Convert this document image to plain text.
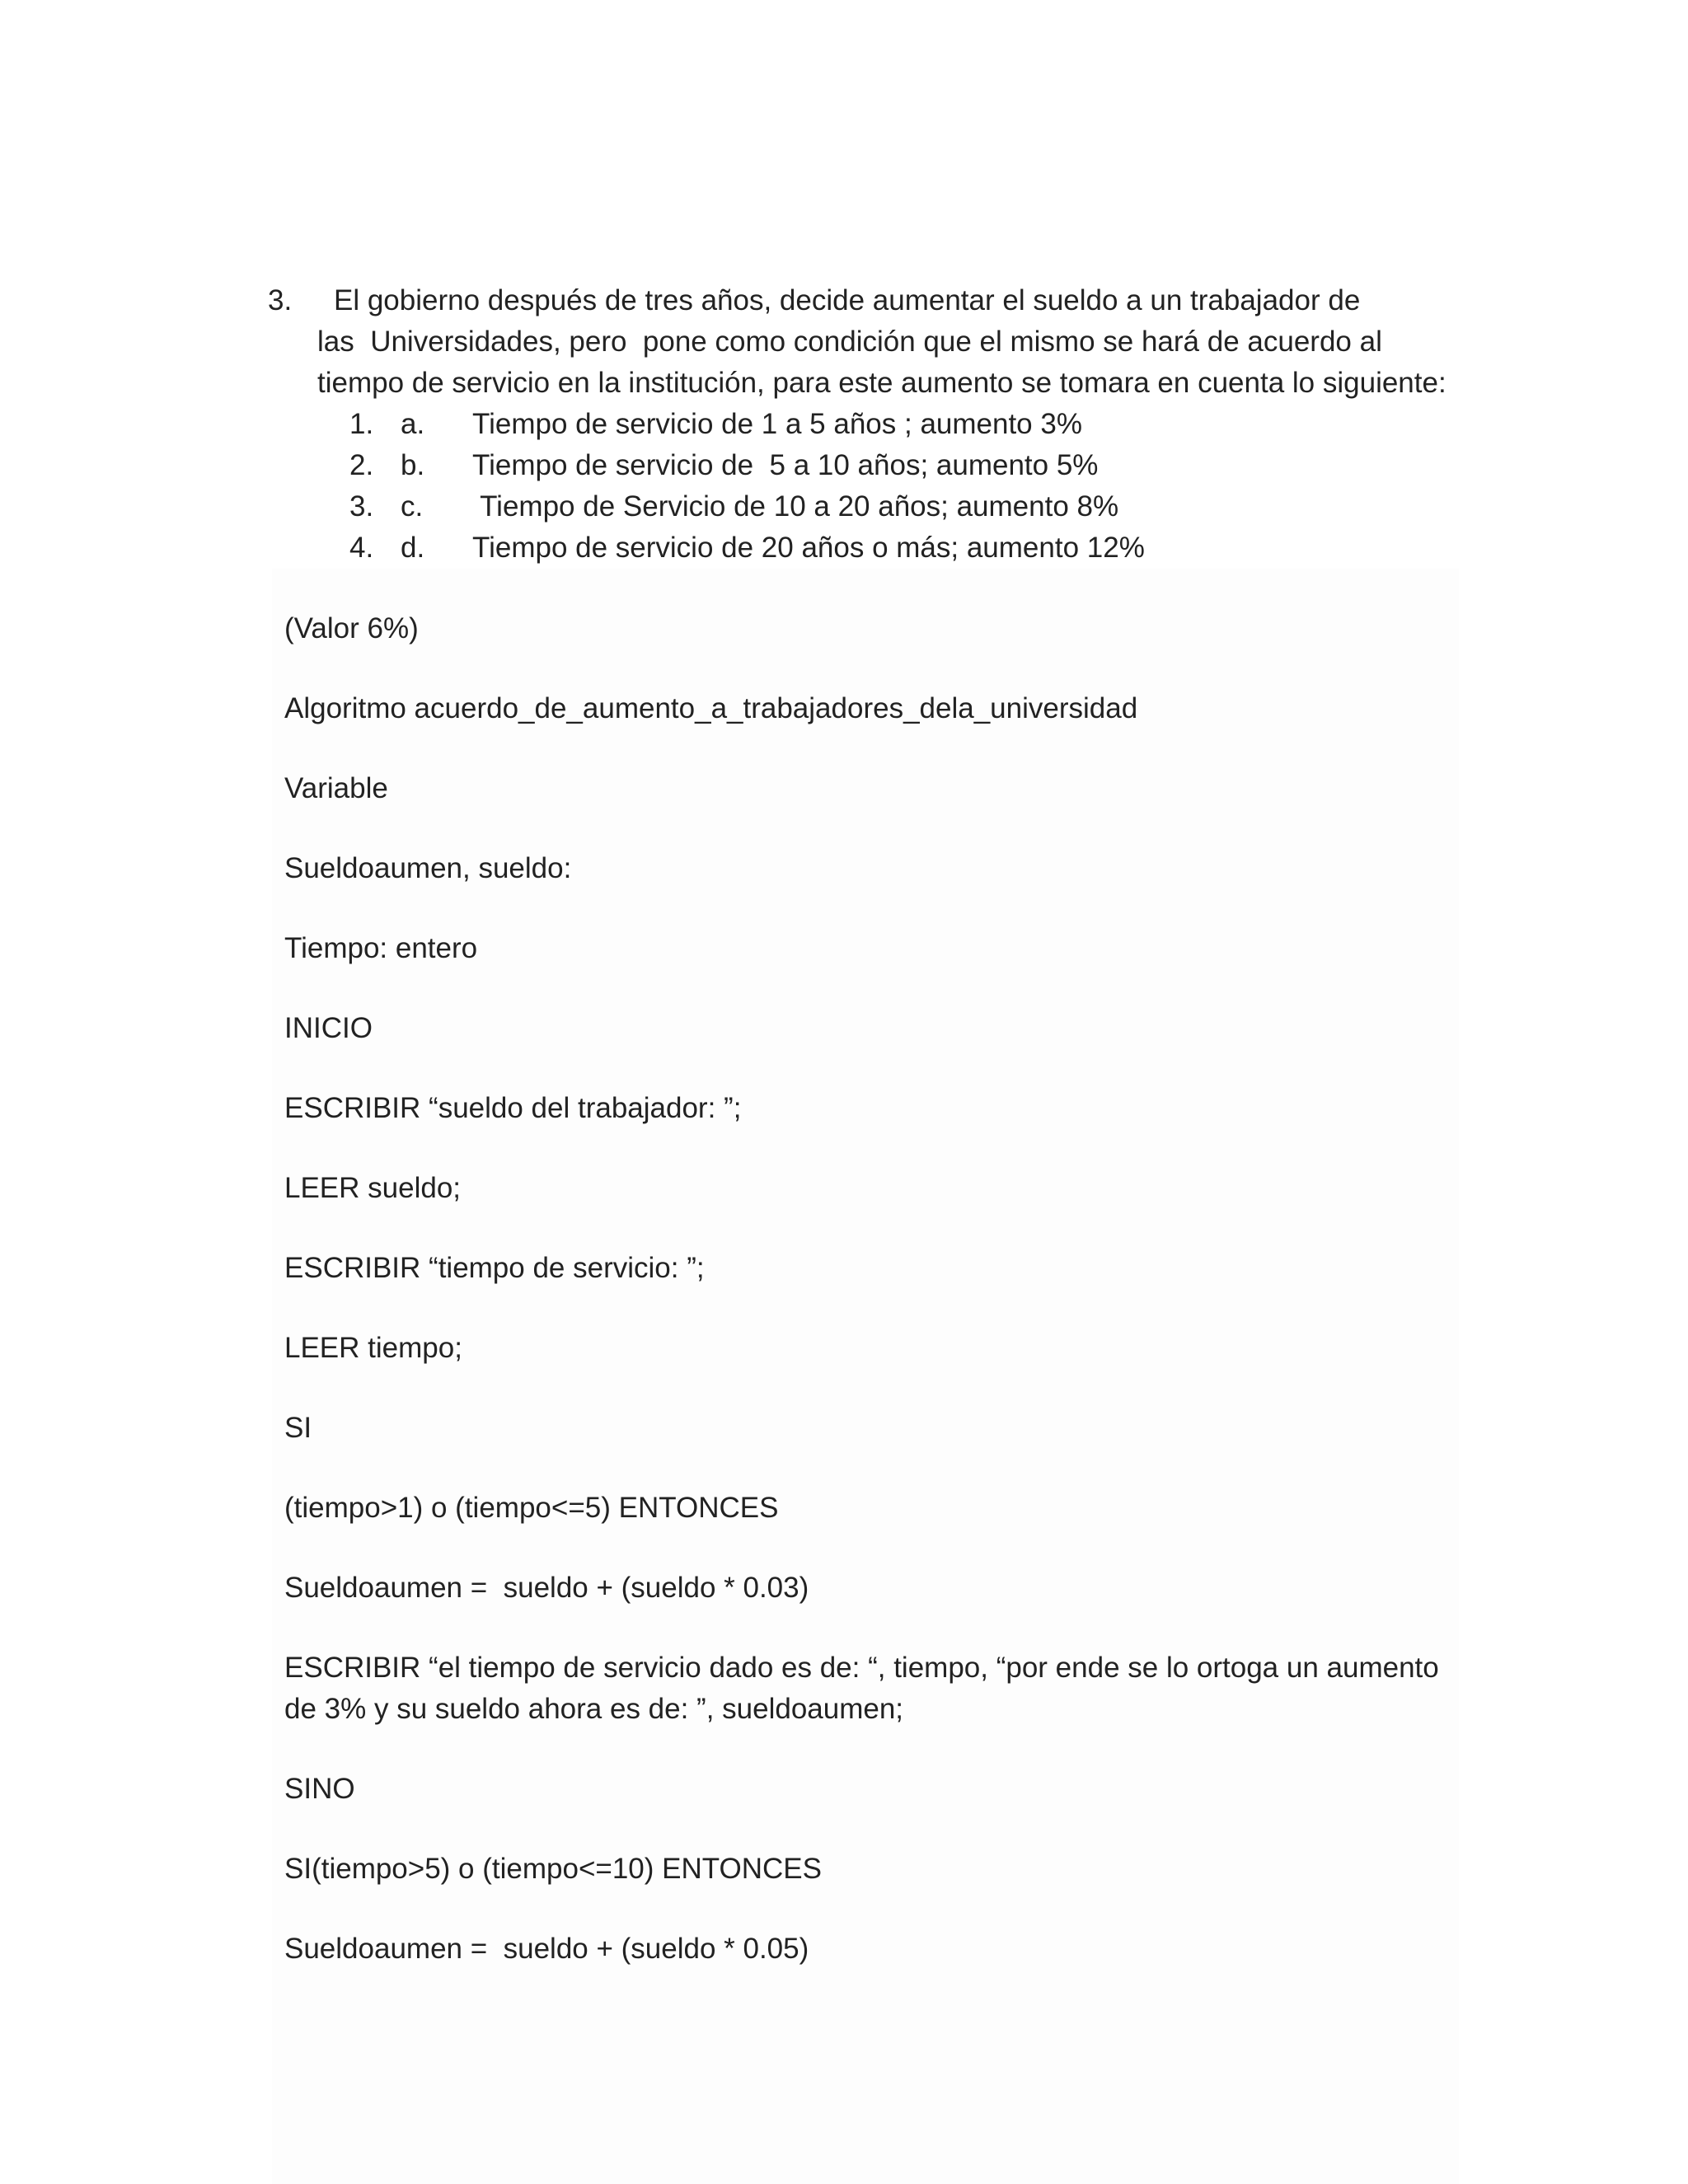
3. El gobierno después de tres años, decide aumentar el sueldo a un trabajador de

las  Universidades, pero  pone como condición que el mismo se hará de acuerdo al

tiempo de servicio en la institución, para este aumento se tomara en cuenta lo siguiente:

1. a. Tiempo de servicio de 1 a 5 años ; aumento 3%

2. b. Tiempo de servicio de  5 a 10 años; aumento 5%

3. c. Tiempo de Servicio de 10 a 20 años; aumento 8%

4. d. Tiempo de servicio de 20 años o más; aumento 12%

(Valor 6%)

Algoritmo acuerdo_de_aumento_a_trabajadores_dela_universidad

Variable

Sueldoaumen, sueldo:

Tiempo: entero

INICIO

ESCRIBIR “sueldo del trabajador: ”;

LEER sueldo;

ESCRIBIR “tiempo de servicio: ”;

LEER tiempo;

SI

(tiempo>1) o (tiempo<=5) ENTONCES

Sueldoaumen =  sueldo + (sueldo * 0.03)

ESCRIBIR “el tiempo de servicio dado es de: “, tiempo, “por ende se lo ortoga un aumento de 3% y su sueldo ahora es de: ”, sueldoaumen;

SINO

SI(tiempo>5) o (tiempo<=10) ENTONCES

Sueldoaumen =  sueldo + (sueldo * 0.05)
